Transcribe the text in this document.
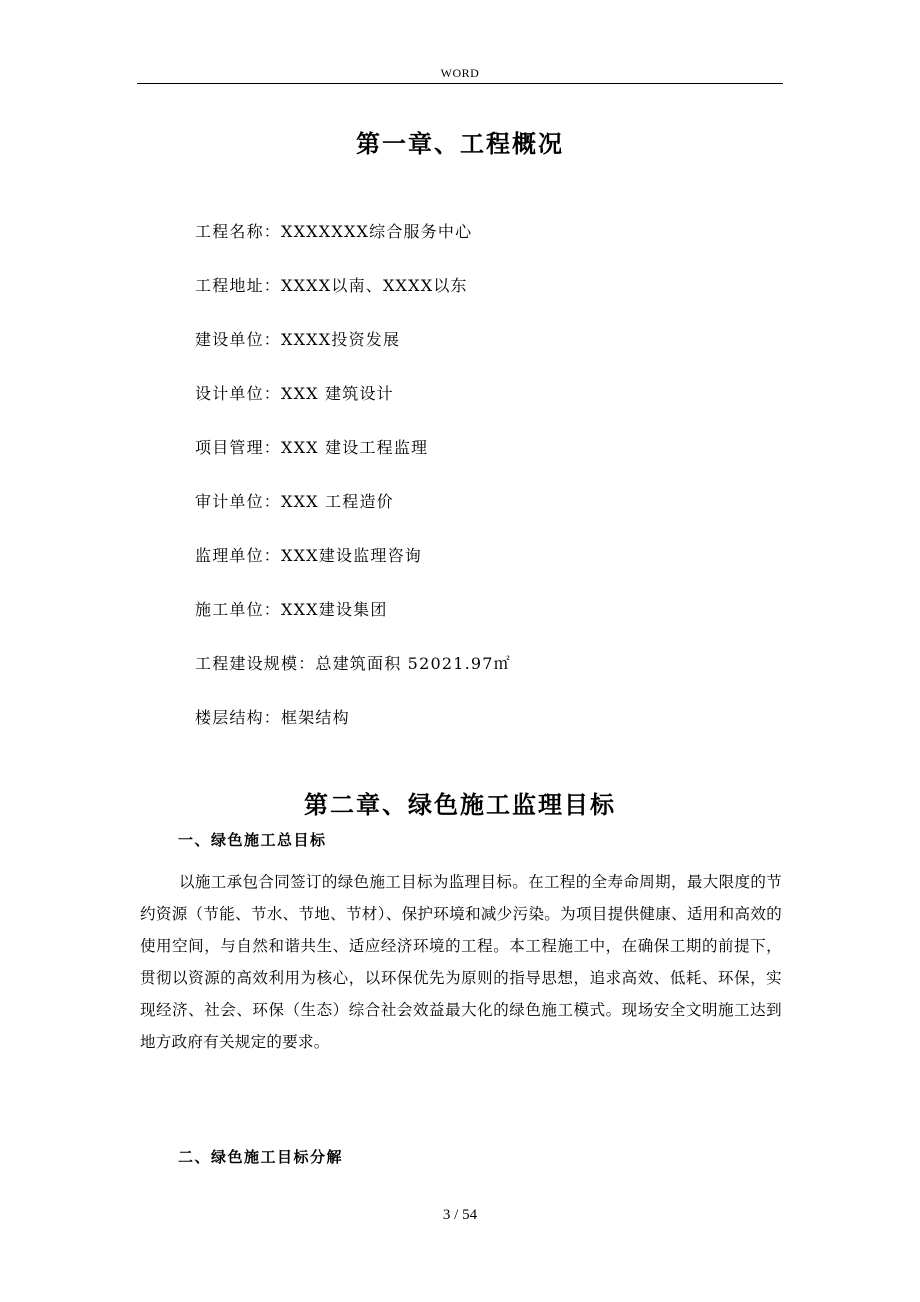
WORD
第一章、工程概况
工程名称：XXXXXXX综合服务中心
工程地址：XXXX以南、XXXX以东
建设单位：XXXX投资发展
设计单位：XXX 建筑设计
项目管理：XXX 建设工程监理
审计单位：XXX 工程造价
监理单位：XXX建设监理咨询
施工单位：XXX建设集团
工程建设规模：总建筑面积 52021.97㎡
楼层结构：框架结构
第二章、绿色施工监理目标
一、绿色施工总目标

以施工承包合同签订的绿色施工目标为监理目标。在工程的全寿命周期，最大限度的节约资源（节能、节水、节地、节材）、保护环境和减少污染。为项目提供健康、适用和高效的使用空间，与自然和谐共生、适应经济环境的工程。本工程施工中，在确保工期的前提下，贯彻以资源的高效利用为核心，以环保优先为原则的指导思想，追求高效、低耗、环保，实现经济、社会、环保（生态）综合社会效益最大化的绿色施工模式。现场安全文明施工达到地方政府有关规定的要求。

二、绿色施工目标分解
3 / 54
